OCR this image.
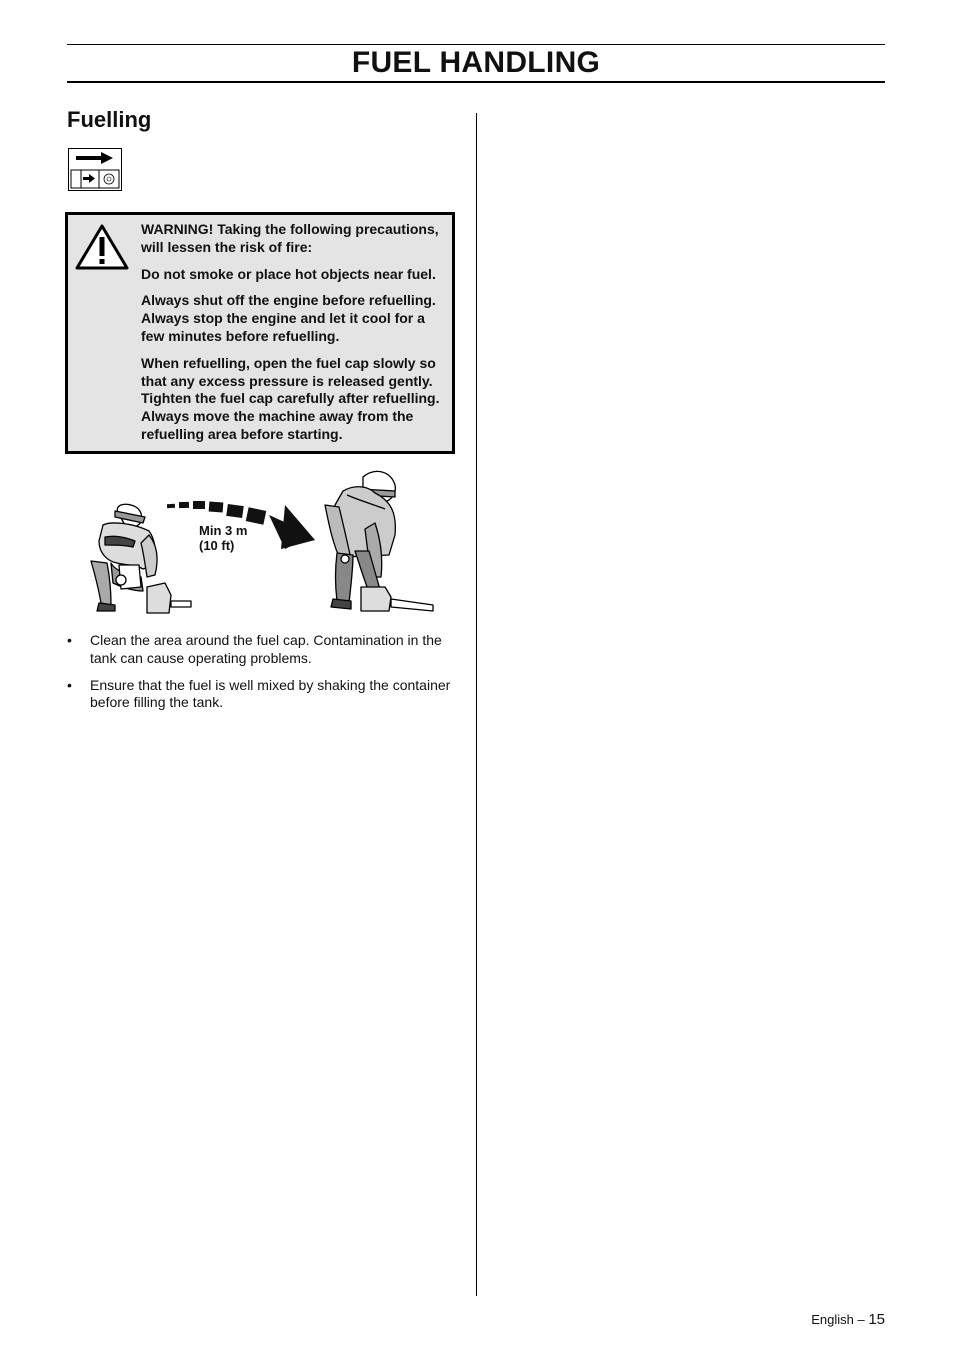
FUEL HANDLING
Fuelling

WARNING! Taking the following precautions, will lessen the risk of fire:

Do not smoke or place hot objects near fuel.

Always shut off the engine before refuelling. Always stop the engine and let it cool for a few minutes before refuelling.

When refuelling, open the fuel cap slowly so that any excess pressure is released gently. Tighten the fuel cap carefully after refuelling. Always move the machine away from the refuelling area before starting.

Min 3 m
(10 ft)
• Clean the area around the fuel cap. Contamination in the tank can cause operating problems.
• Ensure that the fuel is well mixed by shaking the container before filling the tank.
English – 15
